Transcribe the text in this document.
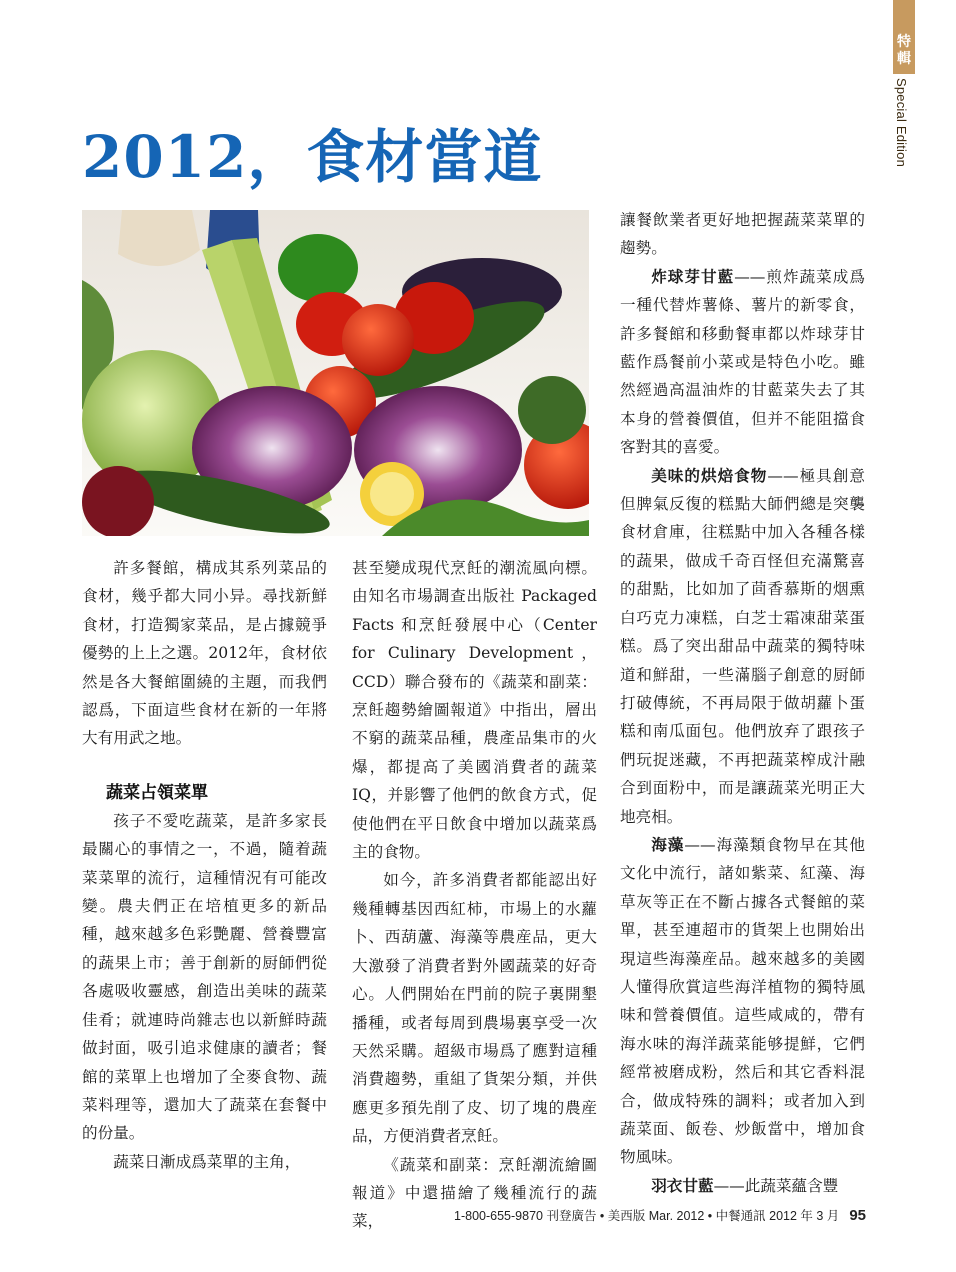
特輯
Special Edition
2012，食材當道

許多餐館，構成其系列菜品的食材，幾乎都大同小异。尋找新鮮食材，打造獨家菜品，是占據競爭優勢的上上之選。2012年，食材依然是各大餐館圍繞的主題，而我們認爲，下面這些食材在新的一年將大有用武之地。

蔬菜占領菜單

孩子不愛吃蔬菜，是許多家長最關心的事情之一，不過，隨着蔬菜菜單的流行，這種情況有可能改變。農夫們正在培植更多的新品種，越來越多色彩艷麗、營養豐富的蔬果上市；善于創新的厨師們從各處吸收靈感，創造出美味的蔬菜佳肴；就連時尚雜志也以新鮮時蔬做封面，吸引追求健康的讀者；餐館的菜單上也增加了全麥食物、蔬菜料理等，還加大了蔬菜在套餐中的份量。

蔬菜日漸成爲菜單的主角，

甚至變成現代烹飪的潮流風向標。由知名市場調查出版社 Packaged Facts 和烹飪發展中心（Center for Culinary Development，CCD）聯合發布的《蔬菜和副菜：烹飪趨勢繪圖報道》中指出，層出不窮的蔬菜品種，農產品集市的火爆，都提高了美國消費者的蔬菜 IQ，并影響了他們的飲食方式，促使他們在平日飲食中增加以蔬菜爲主的食物。

如今，許多消費者都能認出好幾種轉基因西紅柿，市場上的水蘿卜、西葫蘆、海藻等農産品，更大大激發了消費者對外國蔬菜的好奇心。人們開始在門前的院子裏開墾播種，或者每周到農場裏享受一次天然采購。超級市場爲了應對這種消費趨勢，重組了貨架分類，并供應更多預先削了皮、切了塊的農産品，方便消費者烹飪。

《蔬菜和副菜：烹飪潮流繪圖報道》中還描繪了幾種流行的蔬菜，

讓餐飲業者更好地把握蔬菜菜單的趨勢。

炸球芽甘藍——煎炸蔬菜成爲一種代替炸薯條、薯片的新零食，許多餐館和移動餐車都以炸球芽甘藍作爲餐前小菜或是特色小吃。雖然經過高温油炸的甘藍菜失去了其本身的營養價值，但并不能阻擋食客對其的喜愛。

美味的烘焙食物——極具創意但脾氣反復的糕點大師們總是突襲食材倉庫，往糕點中加入各種各樣的蔬果，做成千奇百怪但充滿驚喜的甜點，比如加了茴香慕斯的烟熏白巧克力凍糕，白芝士霜凍甜菜蛋糕。爲了突出甜品中蔬菜的獨特味道和鮮甜，一些滿腦子創意的厨師打破傳統，不再局限于做胡蘿卜蛋糕和南瓜面包。他們放弃了跟孩子們玩捉迷藏，不再把蔬菜榨成汁融合到面粉中，而是讓蔬菜光明正大地亮相。

海藻——海藻類食物早在其他文化中流行，諸如紫菜、紅藻、海草灰等正在不斷占據各式餐館的菜單，甚至連超市的貨架上也開始出現這些海藻産品。越來越多的美國人懂得欣賞這些海洋植物的獨特風味和營養價值。這些咸咸的，帶有海水味的海洋蔬菜能够提鮮，它們經常被磨成粉，然后和其它香料混合，做成特殊的調料；或者加入到蔬菜面、飯卷、炒飯當中，增加食物風味。

羽衣甘藍——此蔬菜蘊含豐

1-800-655-9870 刊登廣告 • 美西版 Mar. 2012 • 中餐通訊 2012 年 3 月 95
